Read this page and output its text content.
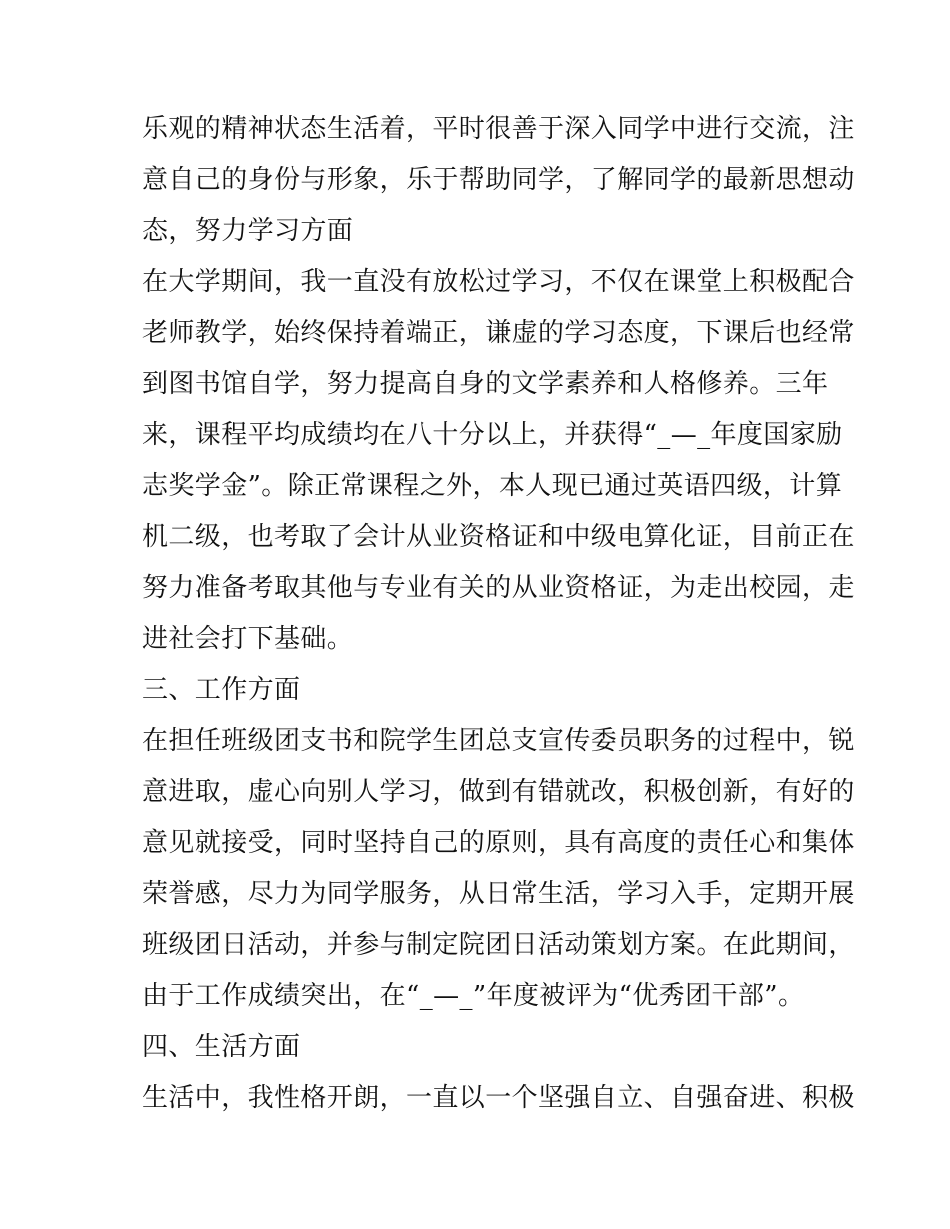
乐观的精神状态生活着，平时很善于深入同学中进行交流，注
意自己的身份与形象，乐于帮助同学，了解同学的最新思想动
态，努力学习方面
在大学期间，我一直没有放松过学习，不仅在课堂上积极配合
老师教学，始终保持着端正，谦虚的学习态度，下课后也经常
到图书馆自学，努力提高自身的文学素养和人格修养。三年
来，课程平均成绩均在八十分以上，并获得“_—_年度国家励
志奖学金”。除正常课程之外，本人现已通过英语四级，计算
机二级，也考取了会计从业资格证和中级电算化证，目前正在
努力准备考取其他与专业有关的从业资格证，为走出校园，走
进社会打下基础。
三、工作方面
在担任班级团支书和院学生团总支宣传委员职务的过程中，锐
意进取，虚心向别人学习，做到有错就改，积极创新，有好的
意见就接受，同时坚持自己的原则，具有高度的责任心和集体
荣誉感，尽力为同学服务，从日常生活，学习入手，定期开展
班级团日活动，并参与制定院团日活动策划方案。在此期间，
由于工作成绩突出，在“_—_”年度被评为“优秀团干部”。
四、生活方面
生活中，我性格开朗，一直以一个坚强自立、自强奋进、积极
